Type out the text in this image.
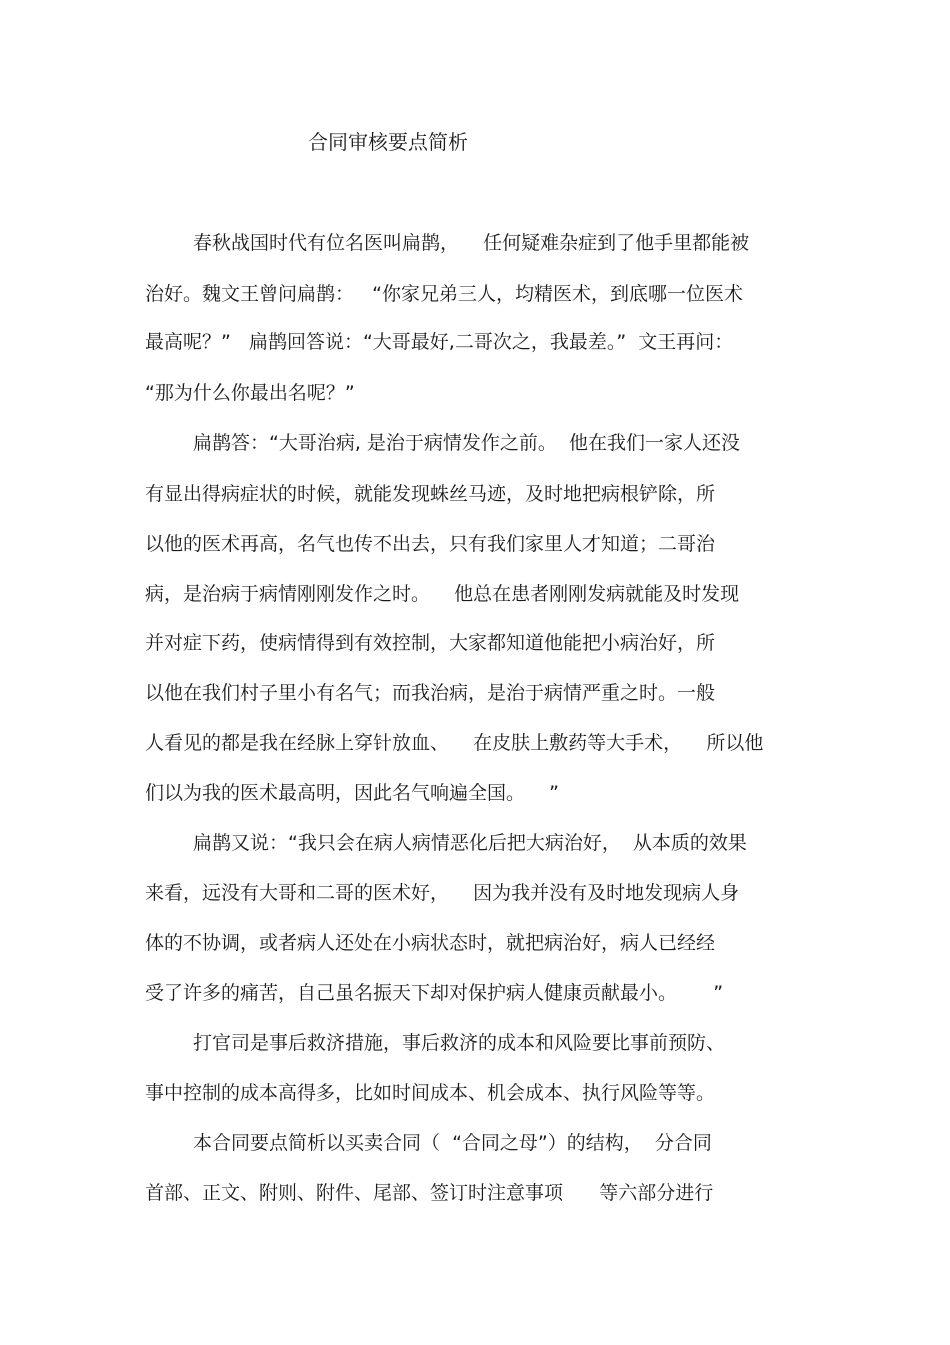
合同审核要点简析
春秋战国时代有位名医叫扁鹊，    任何疑难杂症到了他手里都能被
治好。魏文王曾问扁鹊：   “你家兄弟三人，均精医术，到底哪一位医术
最高呢？”   扁鹊回答说：“大哥最好,二哥次之，我最差。”  文王再问：
“那为什么你最出名呢？”
扁鹊答：“大哥治病, 是治于病情发作之前。  他在我们一家人还没
有显出得病症状的时候，就能发现蛛丝马迹，及时地把病根铲除，所
以他的医术再高，名气也传不出去，只有我们家里人才知道；二哥治
病，是治病于病情刚刚发作之时。    他总在患者刚刚发病就能及时发现
并对症下药，使病情得到有效控制，大家都知道他能把小病治好，所
以他在我们村子里小有名气；而我治病，是治于病情严重之时。一般
人看见的都是我在经脉上穿针放血、    在皮肤上敷药等大手术，    所以他
们以为我的医术最高明，因此名气响遍全国。    ”
扁鹊又说：“我只会在病人病情恶化后把大病治好，  从本质的效果
来看，远没有大哥和二哥的医术好，    因为我并没有及时地发现病人身
体的不协调，或者病人还处在小病状态时，就把病治好，病人已经经
受了许多的痛苦，自己虽名振天下却对保护病人健康贡献最小。      ”
打官司是事后救济措施，事后救济的成本和风险要比事前预防、
事中控制的成本高得多，比如时间成本、机会成本、执行风险等等。
本合同要点简析以买卖合同（  “合同之母”）的结构，  分合同
首部、正文、附则、附件、尾部、签订时注意事项      等六部分进行
